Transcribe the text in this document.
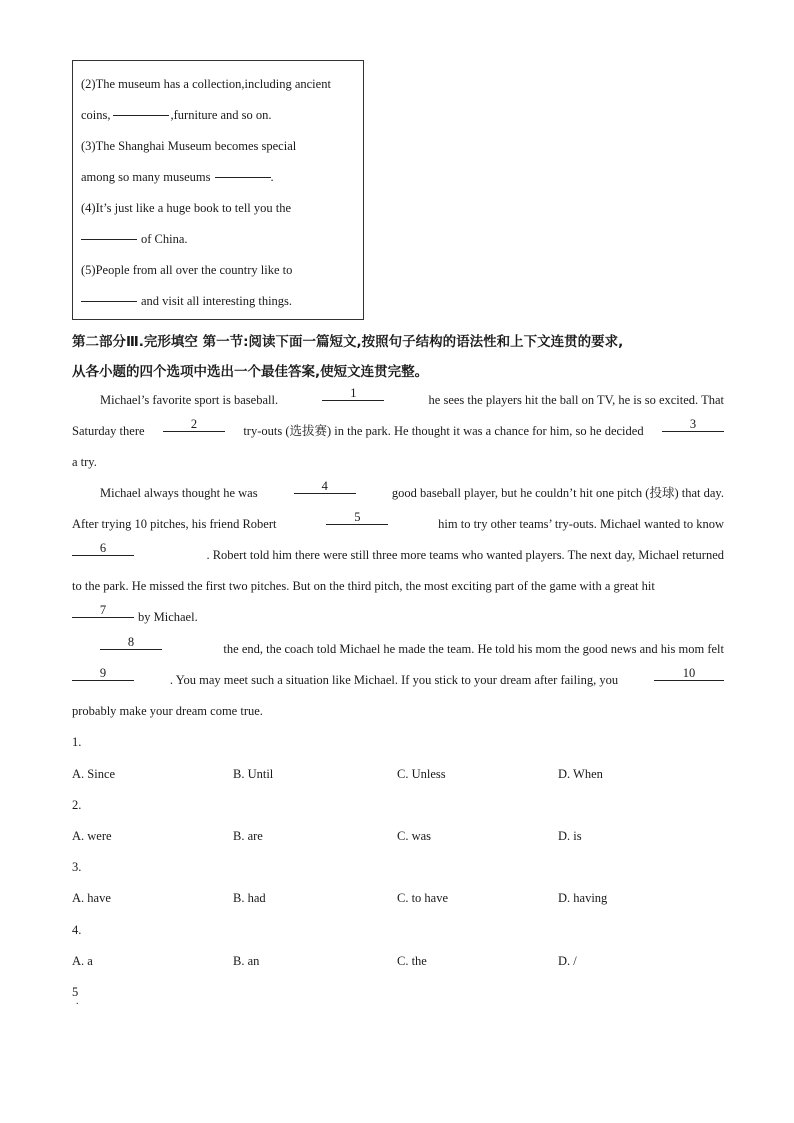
(2)The museum has a collection,including ancient
coins,	,furniture and so on.
(3)The Shanghai Museum becomes special
among so many museums	.
(4)It’s just like a huge book to tell you the
of China.
(5)People from all over the country like to
and visit all interesting things.
第二部分Ⅲ.完形填空 第一节:阅读下面一篇短文,按照句子结构的语法性和上下文连贯的要求,
从各小题的四个选项中选出一个最佳答案,使短文连贯完整。
Michael’s favorite sport is baseball.	1	he sees the players hit the ball on TV, he is so excited. That
Saturday there	2	try-outs (选拔赛) in the park. He thought it was a chance for him, so he decided	3
a try.
Michael always thought he was	4	good baseball player, but he couldn’t hit one pitch (投球) that day.
After trying 10 pitches, his friend Robert	5	him to try other teams’ try-outs. Michael wanted to know
6	. Robert told him there were still three more teams who wanted players. The next day, Michael returned
to the park. He missed the first two pitches. But on the third pitch, the most exciting part of the game with a great hit
7	by Michael.
8	the end, the coach told Michael he made the team. He told his mom the good news and his mom felt
9	. You may meet such a situation like Michael. If you stick to your dream after failing, you	10
probably make your dream come true.
1.
A. Since	B. Until	C. Unless	D. When
2.
A. were	B. are	C. was	D. is
3.
A. have	B. had	C. to have	D. having
4.
A. a	B. an	C. the	D. /
5
.
